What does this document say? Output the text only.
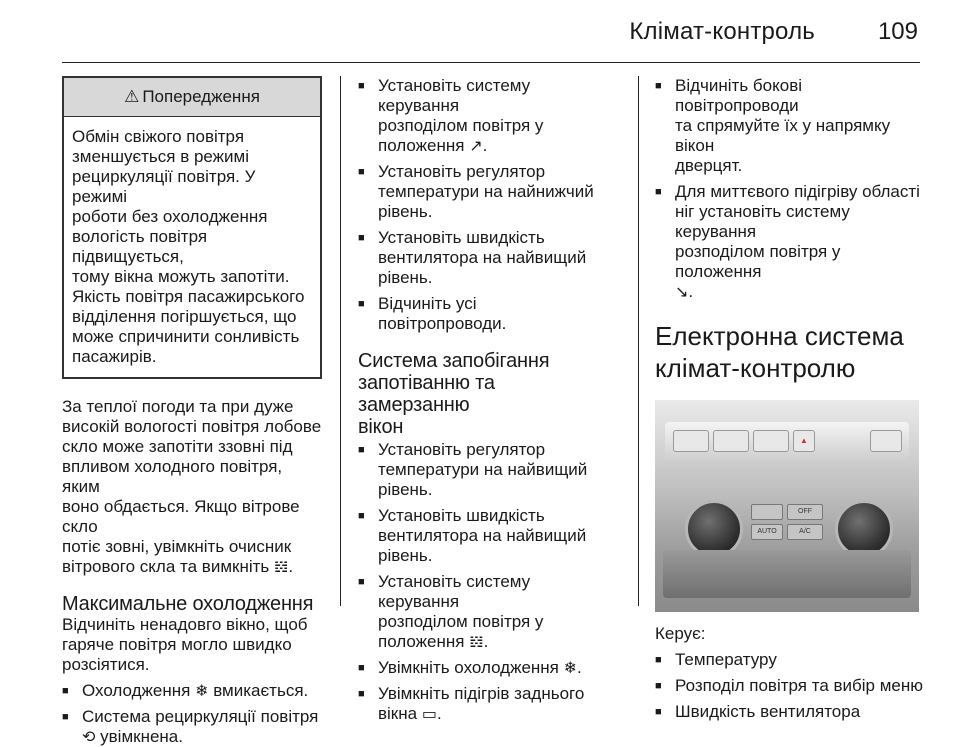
Клімат-контроль	109
⚠ Попередження
Обмін свіжого повітря
зменшується в режимі
рециркуляції повітря. У режимі
роботи без охолодження
вологість повітря підвищується,
тому вікна можуть запотіти.
Якість повітря пасажирського
відділення погіршується, що
може спричинити сонливість
пасажирів.
За теплої погоди та при дуже
високій вологості повітря лобове
скло може запотіти ззовні під
впливом холодного повітря, яким
воно обдається. Якщо вітрове скло
потіє зовні, увімкніть очисник
вітрового скла та вимкніть 𝍌.
Максимальне охолодження
Відчиніть ненадовго вікно, щоб
гаряче повітря могло швидко
розсіятися.
■ Охолодження ❄ вмикається.
■ Система рециркуляції повітря
⟲ увімкнена.
■ Установіть систему керування
розподілом повітря у
положення ↗.
■ Установіть регулятор
температури на найнижчий
рівень.
■ Установіть швидкість
вентилятора на найвищий
рівень.
■ Відчиніть усі повітропроводи.
Система запобігання
запотіванню та замерзанню
вікон
■ Установіть регулятор
температури на найвищий
рівень.
■ Установіть швидкість
вентилятора на найвищий
рівень.
■ Установіть систему керування
розподілом повітря у
положення 𝍌.
■ Увімкніть охолодження ❄.
■ Увімкніть підігрів заднього
вікна ▭.
■ Відчиніть бокові повітропроводи
та спрямуйте їх у напрямку вікон
дверцят.
■ Для миттєвого підігріву області
ніг установіть систему керування
розподілом повітря у положення
↘.
Електронна система
клімат-контролю
▲
OFF
AUTO	A/C
Керує:
■ Температуру
■ Розподіл повітря та вибір меню
■ Швидкість вентилятора
